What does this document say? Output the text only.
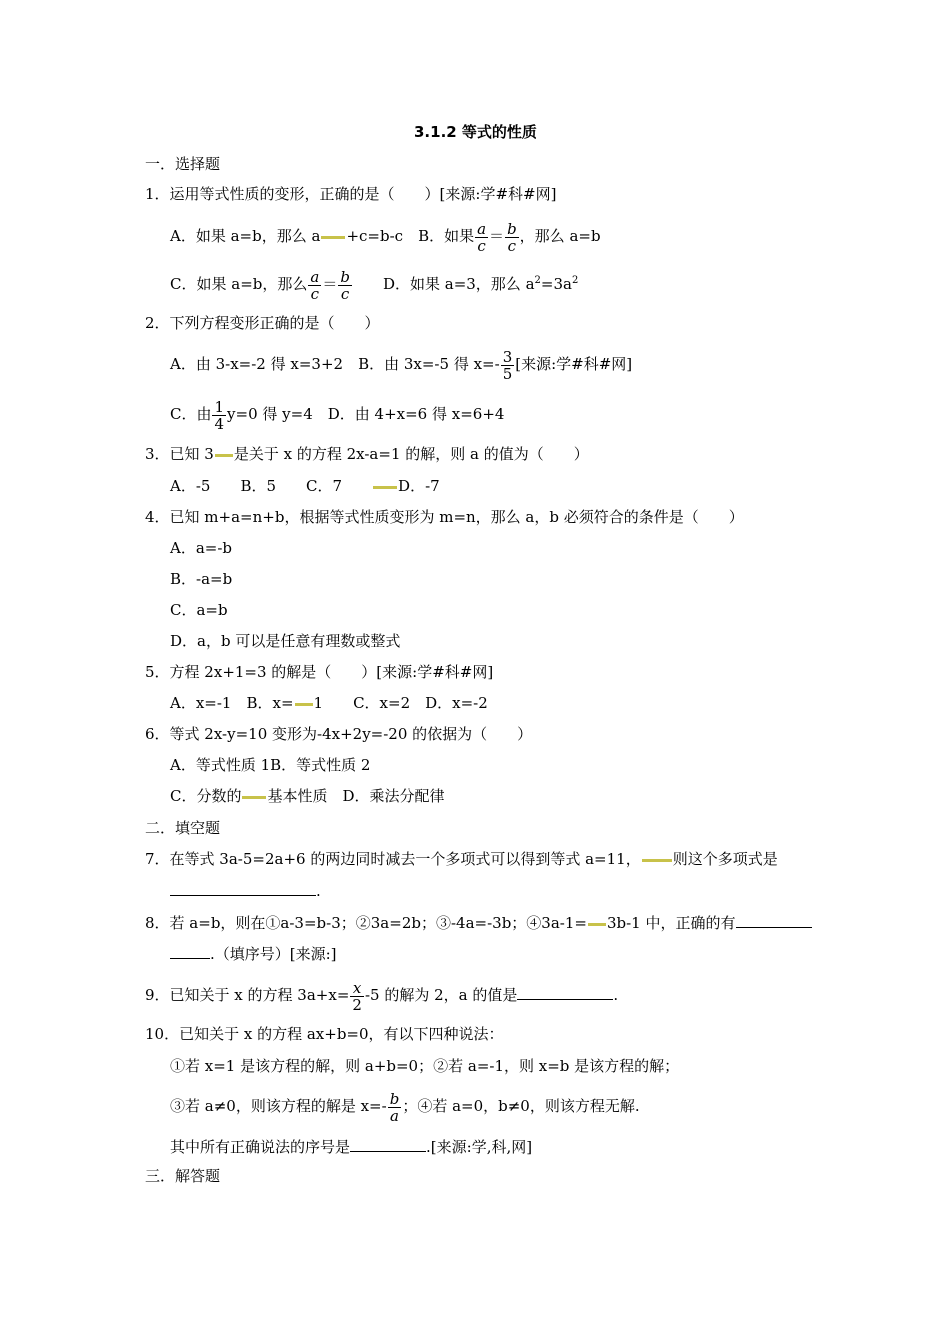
3.1.2 等式的性质
一．选择题
1．运用等式性质的变形，正确的是（　　）[来源:学#科#网]
A．如果 a=b，那么 a +c=b-c　 B．如果 $\frac{a}{c} = \frac{b}{c}$ ，那么 a=b
C．如果 a=b，那么 $\frac{a}{c} = \frac{b}{c}$
　　 D．如果 a=3，那么 $a^2=3a^2$
2．下列方程变形正确的是（　　）
A．由 3-x=-2 得 x=3+2　B．由 3x=-5 得 $x=- \frac{3}{5}$ [来源:学#科#网]
C．由 $\frac{1}{4} y=0$ 得 y=4　D．由 4+x=6 得 x=6+4
3．已知 3 是关于 x 的方程 2x-a=1 的解，则 a 的值为（　　）
A．-5　　B．5　　C．7　　D．-7
4．已知 m+a=n+b，根据等式性质变形为 m=n，那么 a，b 必须符合的条件是（　　）
A．a=-b
B．-a=b
C．a=b
D．a，b 可以是任意有理数或整式
5．方程 2x+1=3 的解是（　　）[来源:学#科#网]
A．x=-1　B．x= 1　　C．x=2　D．x=-2
6．等式 2x-y=10 变形为-4x+2y=-20 的依据为（　　）
A．等式性质 1B．等式性质 2
C．分数的 基本性质　D．乘法分配律
二．填空题
7．在等式 3a-5=2a+6 的两边同时减去一个多项式可以得到等式 a=11， 则这个多项式是
.
8．若 a=b，则在①a-3=b-3；②3a=2b；③-4a=-3b；④3a-1= 3b-1 中，正确的有
.（填序号）[来源:]
9．已知关于 x 的方程 $3a+x= \frac{x}{2} -5$ 的解为 2，a 的值是	.
10．已知关于 x 的方程 ax+b=0，有以下四种说法：
①若 x=1 是该方程的解，则 a+b=0；②若 a=-1，则 x=b 是该方程的解；
③若 a≠0，则该方程的解是 $x=- \frac{b}{a}$ ；④若 a=0，b≠0，则该方程无解.
其中所有正确说法的序号是	.[来源:学,科,网]
三．解答题
